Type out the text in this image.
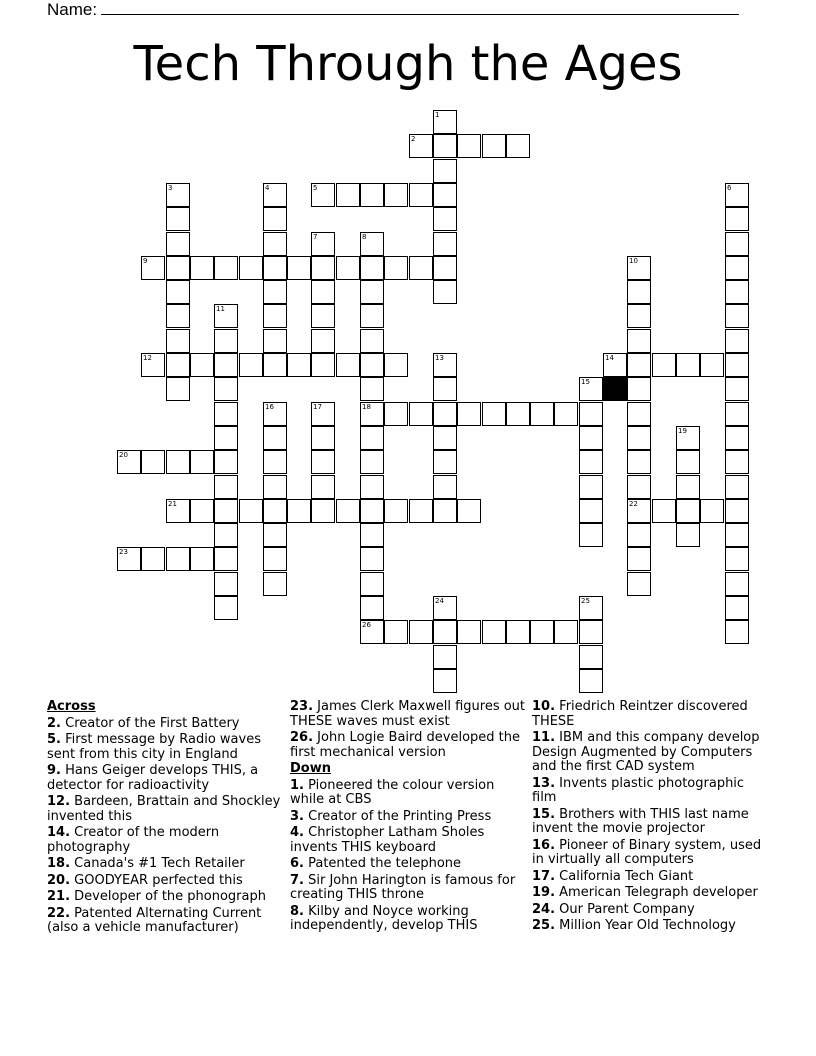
Name:
Tech Through the Ages
1
2
5
3	4	6
7	8
18
26
9	10
22
11
12	13	14
15
16	17
19
20
21
23
24	25
Across
2. Creator of the First Battery
5. First message by Radio waves sent from this city in England
9. Hans Geiger develops THIS, a detector for radioactivity
12. Bardeen, Brattain and Shockley invented this
14. Creator of the modern photography
18. Canada's #1 Tech Retailer
20. GOODYEAR perfected this
21. Developer of the phonograph
22. Patented Alternating Current (also a vehicle manufacturer)
23. James Clerk Maxwell figures out THESE waves must exist
26. John Logie Baird developed the first mechanical version
Down
1. Pioneered the colour version while at CBS
3. Creator of the Printing Press
4. Christopher Latham Sholes invents THIS keyboard
6. Patented the telephone
7. Sir John Harington is famous for creating THIS throne
8. Kilby and Noyce working independently, develop THIS
10. Friedrich Reintzer discovered THESE
11. IBM and this company develop Design Augmented by Computers and the first CAD system
13. Invents plastic photographic film
15. Brothers with THIS last name invent the movie projector
16. Pioneer of Binary system, used in virtually all computers
17. California Tech Giant
19. American Telegraph developer
24. Our Parent Company
25. Million Year Old Technology
